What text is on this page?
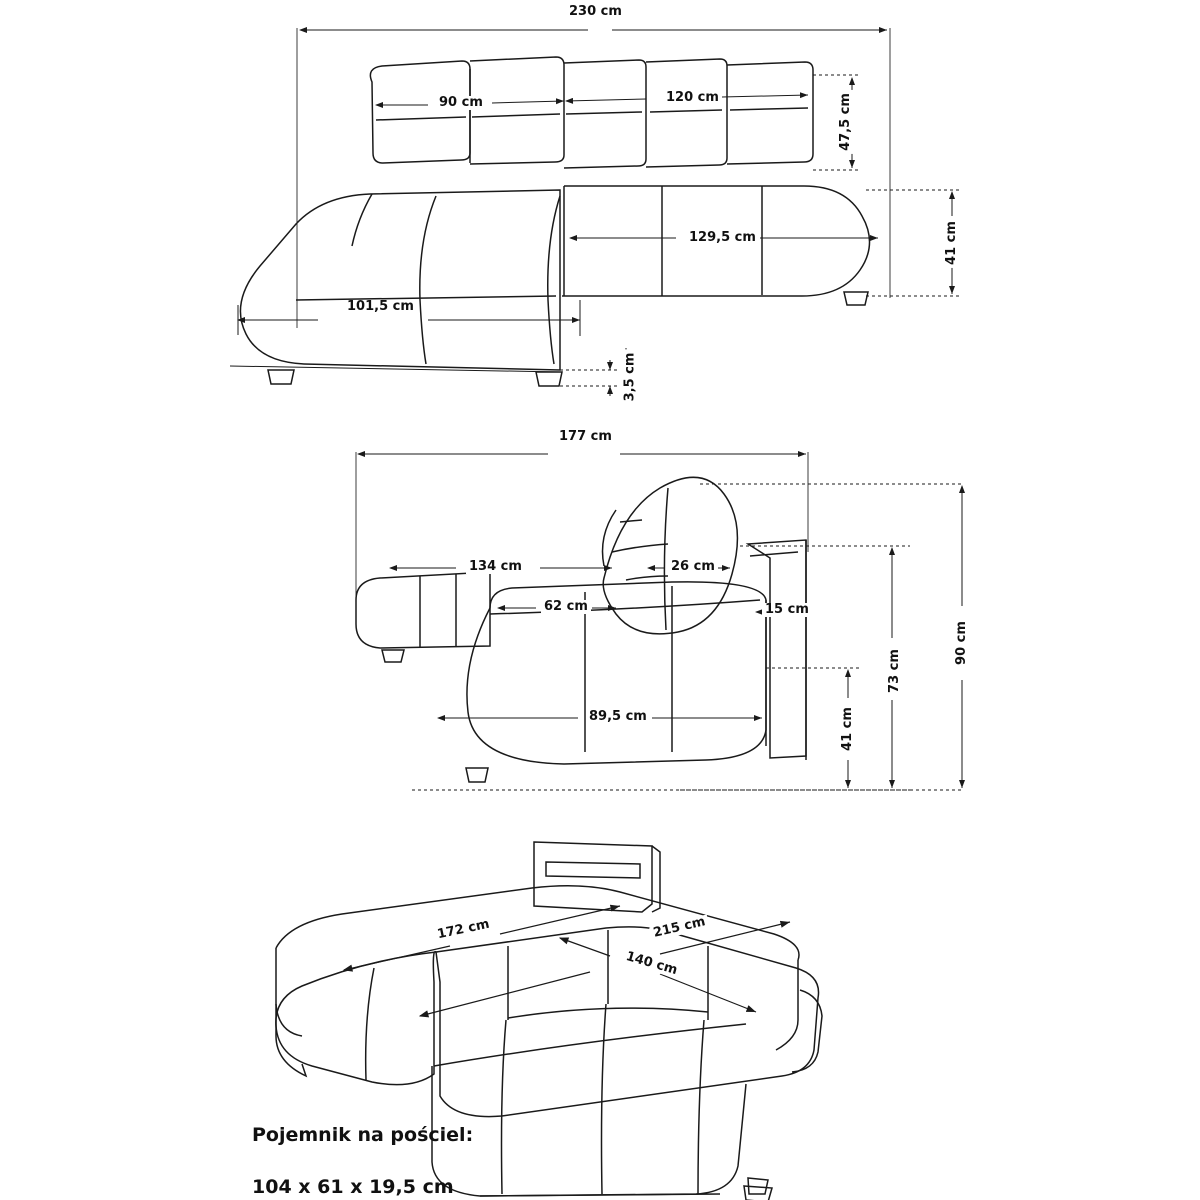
230 cm
90 cm	120 cm	47,5 cm
129,5 cm	41 cm
101,5 cm
3,5 cm
177 cm
134 cm
62 cm
26 cm
15 cm
89,5 cm	41 cm
73 cm
90 cm
172 cm	215 cm
140 cm

Pojemnik na pościel:

104 x 61 x 19,5 cm
